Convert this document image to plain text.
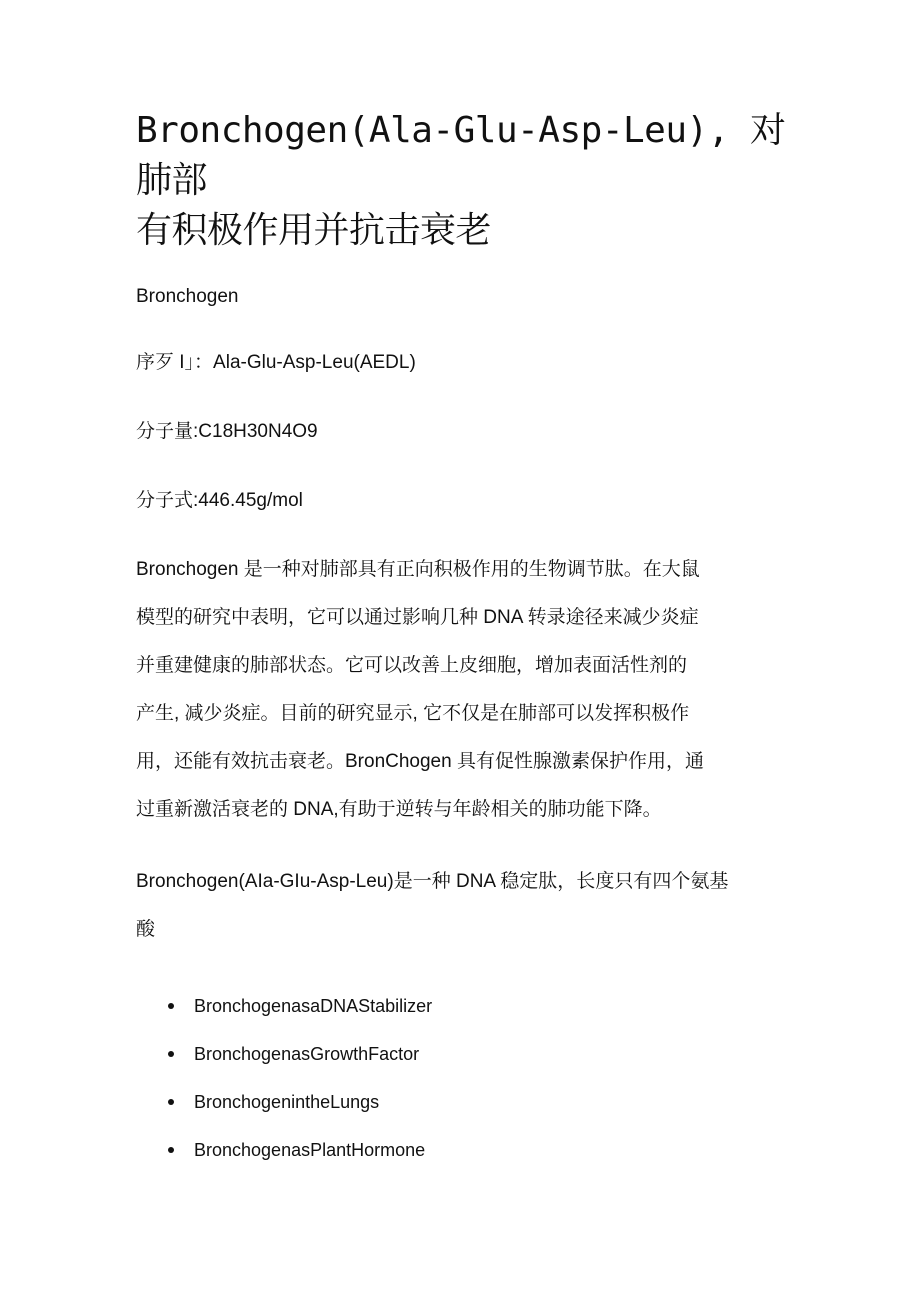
Bronchogen(Ala-Glu-Asp-Leu), 对肺部
有积极作用并抗击衰老
Bronchogen
序歹 I」：Ala-Glu-Asp-Leu(AEDL)
分子量:C18H30N4O9
分子式:446.45g/mol

Bronchogen 是一种对肺部具有正向积极作用的生物调节肽。在大鼠
模型的研究中表明，它可以通过影响几种 DNA 转录途径来减少炎症
并重建健康的肺部状态。它可以改善上皮细胞，增加表面活性剂的
产生, 减少炎症。目前的研究显示, 它不仅是在肺部可以发挥积极作
用，还能有效抗击衰老。BronChogen 具有促性腺激素保护作用，通
过重新激活衰老的 DNA,有助于逆转与年龄相关的肺功能下降。

Bronchogen(AIa-GIu-Asp-Leu)是一种 DNA 稳定肽，长度只有四个氨基
酸

BronchogenasaDNAStabilizer
BronchogenasGrowthFactor
BronchogenintheLungs
BronchogenasPlantHormone
